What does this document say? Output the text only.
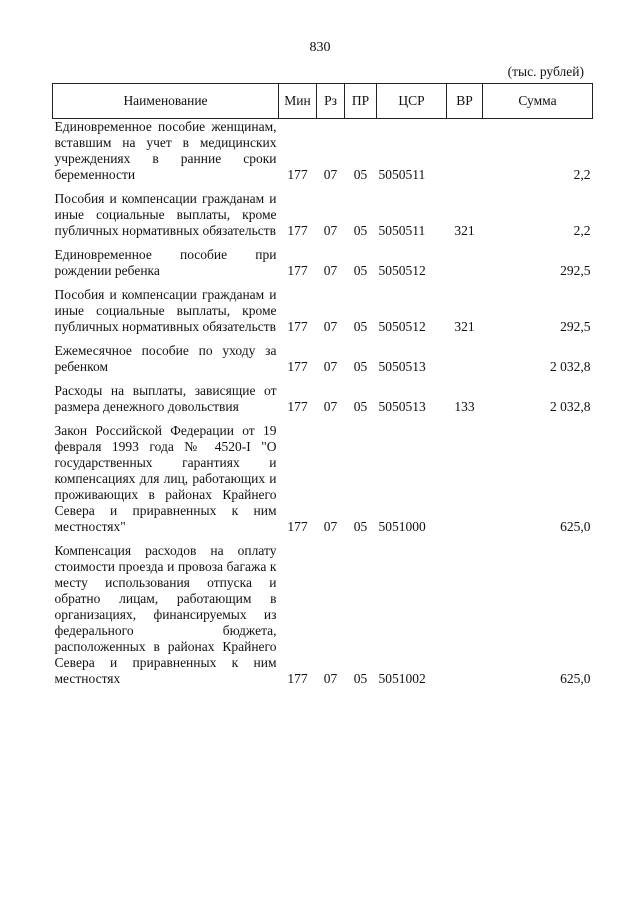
830
(тыс. рублей)
Наименование	Мин	Рз	ПР	ЦСР	ВР	Сумма
Единовременное пособие женщинам, вставшим на учет в медицинских учреждениях в ранние сроки беременности	177	07	05	5050511		2,2
Пособия и компенсации гражданам и иные социальные выплаты, кроме публичных нормативных обязательств	177	07	05	5050511	321	2,2
Единовременное пособие при рождении ребенка	177	07	05	5050512		292,5
Пособия и компенсации гражданам и иные социальные выплаты, кроме публичных нормативных обязательств	177	07	05	5050512	321	292,5
Ежемесячное пособие по уходу за ребенком	177	07	05	5050513		2 032,8
Расходы на выплаты, зависящие от размера денежного довольствия	177	07	05	5050513	133	2 032,8
Закон Российской Федерации от 19 февраля 1993 года № 4520-I "О государственных гарантиях и компенсациях для лиц, работающих и проживающих в районах Крайнего Севера и приравненных к ним местностях"	177	07	05	5051000		625,0
Компенсация расходов на оплату стоимости проезда и провоза багажа к месту использования отпуска и обратно лицам, работающим в организациях, финансируемых из федерального бюджета, расположенных в районах Крайнего Севера и приравненных к ним местностях	177	07	05	5051002		625,0
